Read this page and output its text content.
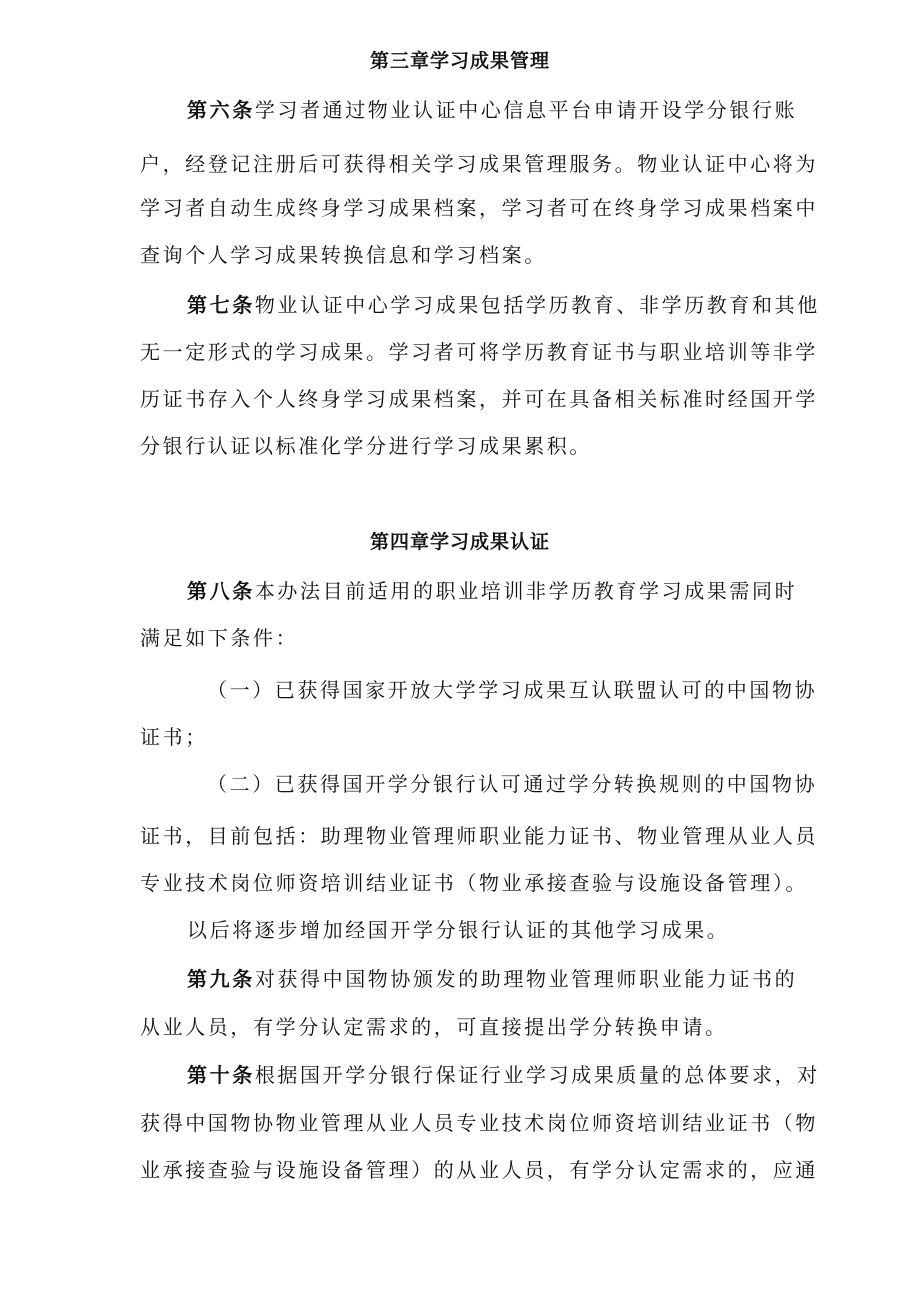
第三章学习成果管理
第六条学习者通过物业认证中心信息平台申请开设学分银行账
户，经登记注册后可获得相关学习成果管理服务。物业认证中心将为
学习者自动生成终身学习成果档案，学习者可在终身学习成果档案中
查询个人学习成果转换信息和学习档案。
第七条物业认证中心学习成果包括学历教育、非学历教育和其他
无一定形式的学习成果。学习者可将学历教育证书与职业培训等非学
历证书存入个人终身学习成果档案，并可在具备相关标准时经国开学
分银行认证以标准化学分进行学习成果累积。
第四章学习成果认证
第八条本办法目前适用的职业培训非学历教育学习成果需同时
满足如下条件：
（一）已获得国家开放大学学习成果互认联盟认可的中国物协
证书；
（二）已获得国开学分银行认可通过学分转换规则的中国物协
证书，目前包括：助理物业管理师职业能力证书、物业管理从业人员
专业技术岗位师资培训结业证书（物业承接查验与设施设备管理）。
以后将逐步增加经国开学分银行认证的其他学习成果。
第九条对获得中国物协颁发的助理物业管理师职业能力证书的
从业人员，有学分认定需求的，可直接提出学分转换申请。
第十条根据国开学分银行保证行业学习成果质量的总体要求，对
获得中国物协物业管理从业人员专业技术岗位师资培训结业证书（物
业承接查验与设施设备管理）的从业人员，有学分认定需求的，应通
